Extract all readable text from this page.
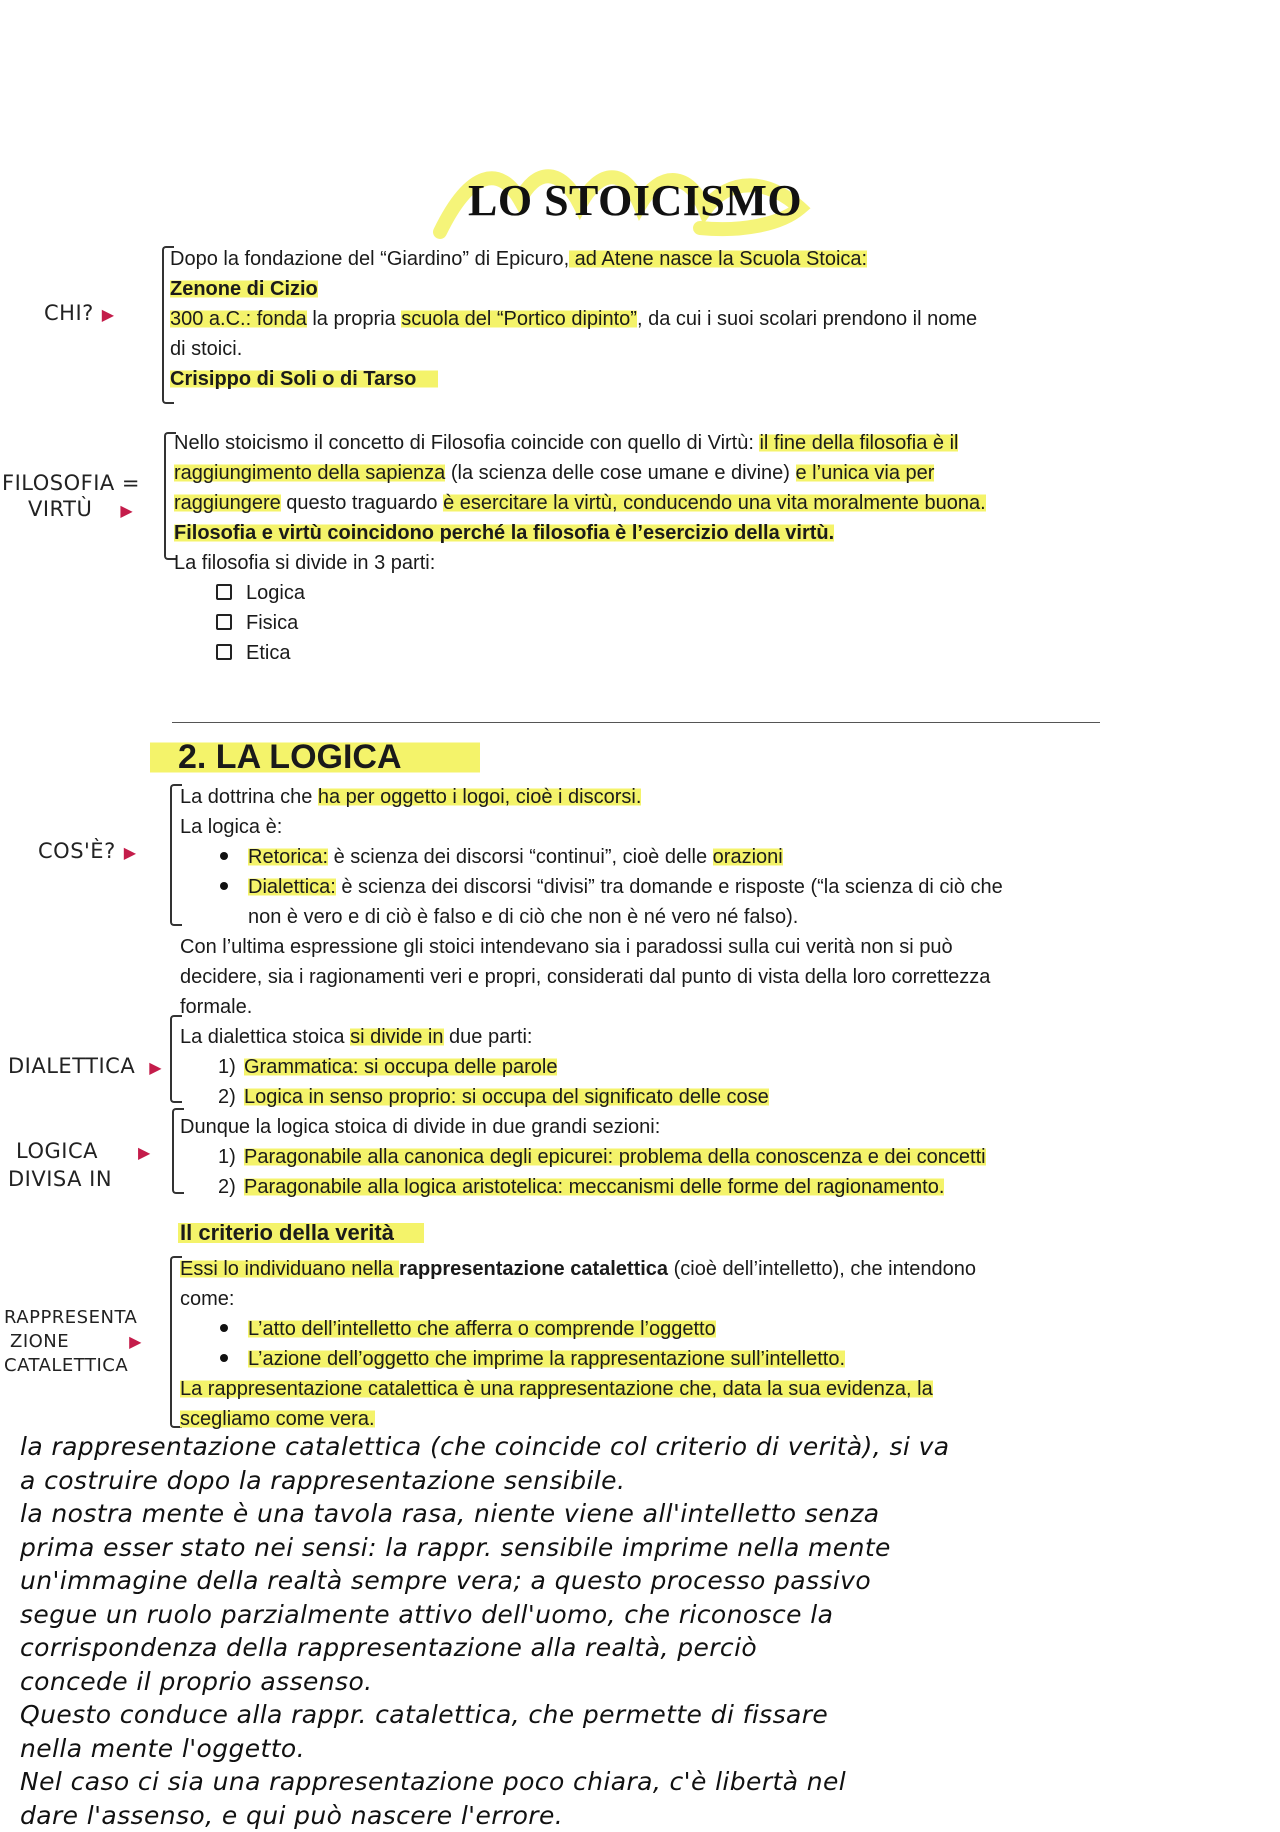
LO STOICISMO
CHI? ▶
FILOSOFIA =
VIRTÙ ▶
COS'È? ▶
DIALETTICA ▶
LOGICA	▶
DIVISA IN
RAPPRESENTA
ZIONE	▶
CATALETTICA

Dopo la fondazione del “Giardino” di Epicuro, ad Atene nasce la Scuola Stoica:

Zenone di Cizio

300 a.C.: fonda la propria scuola del “Portico dipinto”, da cui i suoi scolari prendono il nome

di stoici.

Crisippo di Soli o di Tarso

Nello stoicismo il concetto di Filosofia coincide con quello di Virtù: il fine della filosofia è il

raggiungimento della sapienza (la scienza delle cose umane e divine) e l’unica via per

raggiungere questo traguardo è esercitare la virtù, conducendo una vita moralmente buona.

Filosofia e virtù coincidono perché la filosofia è l’esercizio della virtù.

La filosofia si divide in 3 parti:

Logica

Fisica

Etica

2. LA LOGICA

La dottrina che ha per oggetto i logoi, cioè i discorsi.

La logica è:

Retorica: è scienza dei discorsi “continui”, cioè delle orazioni

Dialettica: è scienza dei discorsi “divisi” tra domande e risposte (“la scienza di ciò che

non è vero e di ciò è falso e di ciò che non è né vero né falso).

Con l’ultima espressione gli stoici intendevano sia i paradossi sulla cui verità non si può

decidere, sia i ragionamenti veri e propri, considerati dal punto di vista della loro correttezza

formale.

La dialettica stoica si divide in due parti:

1) Grammatica: si occupa delle parole

2) Logica in senso proprio: si occupa del significato delle cose

Dunque la logica stoica di divide in due grandi sezioni:

1) Paragonabile alla canonica degli epicurei: problema della conoscenza e dei concetti

2) Paragonabile alla logica aristotelica: meccanismi delle forme del ragionamento.

Il criterio della verità

Essi lo individuano nella rappresentazione catalettica (cioè dell’intelletto), che intendono

come:

L’atto dell’intelletto che afferra o comprende l’oggetto

L’azione dell’oggetto che imprime la rappresentazione sull’intelletto.

La rappresentazione catalettica è una rappresentazione che, data la sua evidenza, la

scegliamo come vera.

la rappresentazione catalettica (che coincide col criterio di verità), si va

a costruire dopo la rappresentazione sensibile.

la nostra mente è una tavola rasa, niente viene all'intelletto senza

prima esser stato nei sensi: la rappr. sensibile imprime nella mente

un'immagine della realtà sempre vera; a questo processo passivo

segue un ruolo parzialmente attivo dell'uomo, che riconosce la

corrispondenza della rappresentazione alla realtà, perciò

concede il proprio assenso.

Questo conduce alla rappr. catalettica, che permette di fissare

nella mente l'oggetto.

Nel caso ci sia una rappresentazione poco chiara, c'è libertà nel

dare l'assenso, e qui può nascere l'errore.
